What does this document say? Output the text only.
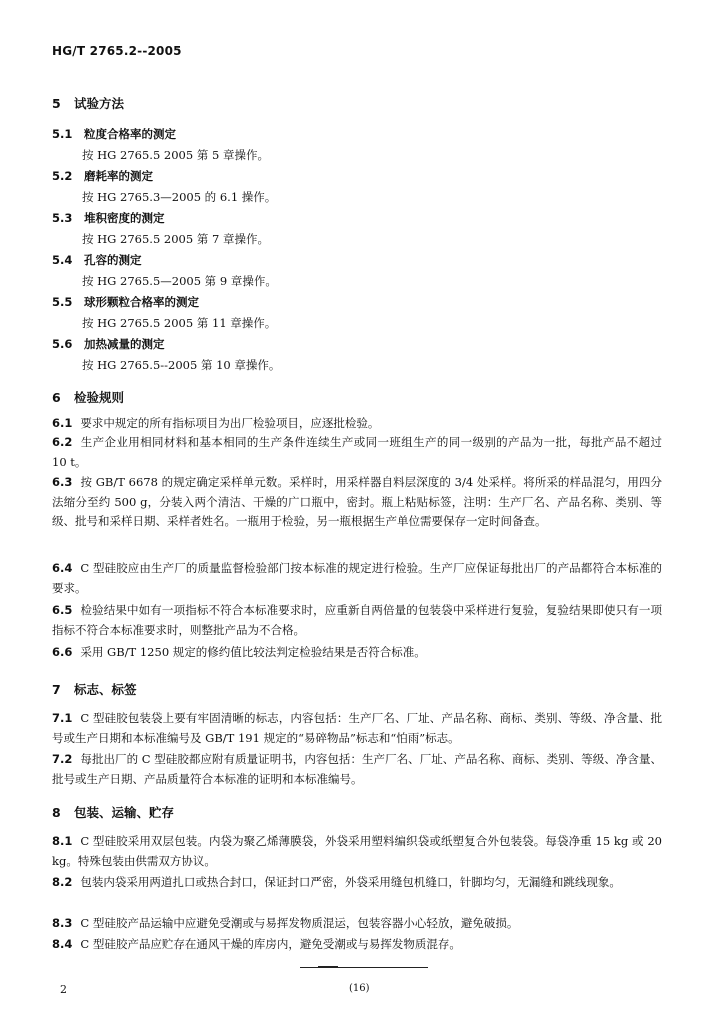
HG/T 2765.2--2005
5 试验方法
5.1 粒度合格率的测定
按 HG 2765.5 2005 第 5 章操作。
5.2 磨耗率的测定
按 HG 2765.3—2005 的 6.1 操作。
5.3 堆积密度的测定
按 HG 2765.5 2005 第 7 章操作。
5.4 孔容的测定
按 HG 2765.5—2005 第 9 章操作。
5.5 球形颗粒合格率的测定
按 HG 2765.5 2005 第 11 章操作。
5.6 加热减量的测定
按 HG 2765.5--2005 第 10 章操作。
6 检验规则
6.1 要求中规定的所有指标项目为出厂检验项目，应逐批检验。
6.2 生产企业用相同材料和基本相同的生产条件连续生产或同一班组生产的同一级别的产品为一批，每批产品不超过 10 t。
6.3 按 GB/T 6678 的规定确定采样单元数。采样时，用采样器自料层深度的 3/4 处采样。将所采的样品混匀，用四分法缩分至约 500 g，分装入两个清洁、干燥的广口瓶中，密封。瓶上粘贴标签，注明：生产厂名、产品名称、类别、等级、批号和采样日期、采样者姓名。一瓶用于检验，另一瓶根据生产单位需要保存一定时间备查。
6.4 C 型硅胶应由生产厂的质量监督检验部门按本标准的规定进行检验。生产厂应保证每批出厂的产品都符合本标准的要求。
6.5 检验结果中如有一项指标不符合本标准要求时，应重新自两倍量的包装袋中采样进行复验，复验结果即使只有一项指标不符合本标准要求时，则整批产品为不合格。
6.6 采用 GB/T 1250 规定的修约值比较法判定检验结果是否符合标准。
7 标志、标签
7.1 C 型硅胶包装袋上要有牢固清晰的标志，内容包括：生产厂名、厂址、产品名称、商标、类别、等级、净含量、批号或生产日期和本标准编号及 GB/T 191 规定的“易碎物品”标志和“怕雨”标志。
7.2 每批出厂的 C 型硅胶都应附有质量证明书，内容包括：生产厂名、厂址、产品名称、商标、类别、等级、净含量、批号或生产日期、产品质量符合本标准的证明和本标准编号。
8 包装、运输、贮存
8.1 C 型硅胶采用双层包装。内袋为聚乙烯薄膜袋，外袋采用塑料编织袋或纸塑复合外包装袋。每袋净重 15 kg 或 20 kg。特殊包装由供需双方协议。
8.2 包装内袋采用两道扎口或热合封口，保证封口严密，外袋采用缝包机缝口，针脚均匀，无漏缝和跳线现象。
8.3 C 型硅胶产品运输中应避免受潮或与易挥发物质混运，包装容器小心轻放，避免破损。
8.4 C 型硅胶产品应贮存在通风干燥的库房内，避免受潮或与易挥发物质混存。
2	(16)
